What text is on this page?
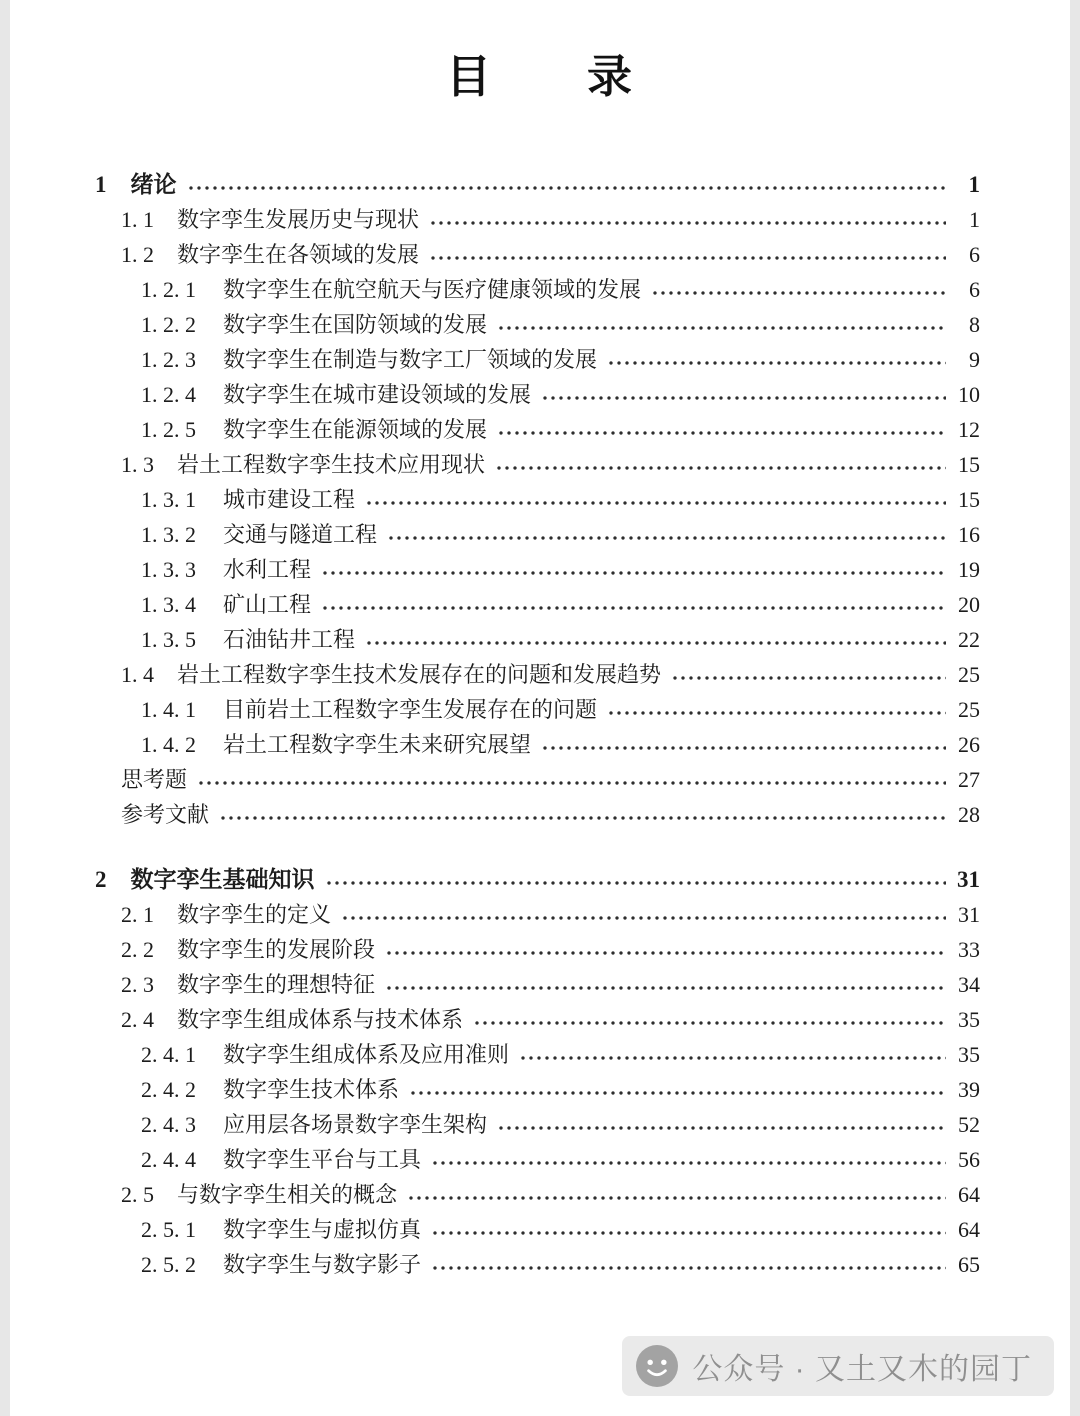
目　　录
1 绪论	1
1. 1	数字孪生发展历史与现状	1
1. 2	数字孪生在各领域的发展	6
1. 2. 1	数字孪生在航空航天与医疗健康领域的发展	6
1. 2. 2	数字孪生在国防领域的发展	8
1. 2. 3	数字孪生在制造与数字工厂领域的发展	9
1. 2. 4	数字孪生在城市建设领域的发展	10
1. 2. 5	数字孪生在能源领域的发展	12
1. 3	岩土工程数字孪生技术应用现状	15
1. 3. 1	城市建设工程	15
1. 3. 2	交通与隧道工程	16
1. 3. 3	水利工程	19
1. 3. 4	矿山工程	20
1. 3. 5	石油钻井工程	22
1. 4	岩土工程数字孪生技术发展存在的问题和发展趋势	25
1. 4. 1	目前岩土工程数字孪生发展存在的问题	25
1. 4. 2	岩土工程数字孪生未来研究展望	26
思考题	27
参考文献	28
2 数字孪生基础知识	31
2. 1	数字孪生的定义	31
2. 2	数字孪生的发展阶段	33
2. 3	数字孪生的理想特征	34
2. 4	数字孪生组成体系与技术体系	35
2. 4. 1	数字孪生组成体系及应用准则	35
2. 4. 2	数字孪生技术体系	39
2. 4. 3	应用层各场景数字孪生架构	52
2. 4. 4	数字孪生平台与工具	56
2. 5	与数字孪生相关的概念	64
2. 5. 1	数字孪生与虚拟仿真	64
2. 5. 2	数字孪生与数字影子	65
公众号 · 又土又木的园丁
